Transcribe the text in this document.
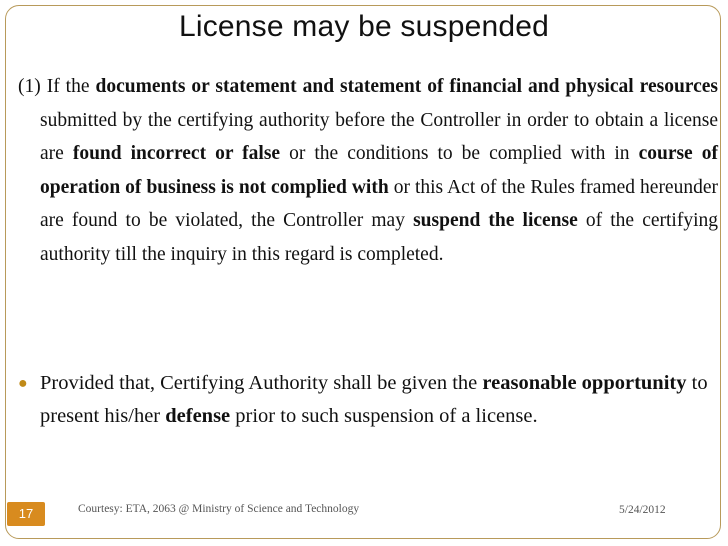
License may be suspended
(1) If the documents or statement and statement of financial and physical resources submitted by the certifying authority before the Controller in order to obtain a license are found incorrect or false or the conditions to be complied with in course of operation of business is not complied with or this Act of the Rules framed hereunder are found to be violated, the Controller may suspend the license of the certifying authority till the inquiry in this regard is completed.
● Provided that, Certifying Authority shall be given the reasonable opportunity to present his/her defense prior to such suspension of a license.
17	Courtesy: ETA, 2063 @ Ministry of Science and Technology	5/24/2012
